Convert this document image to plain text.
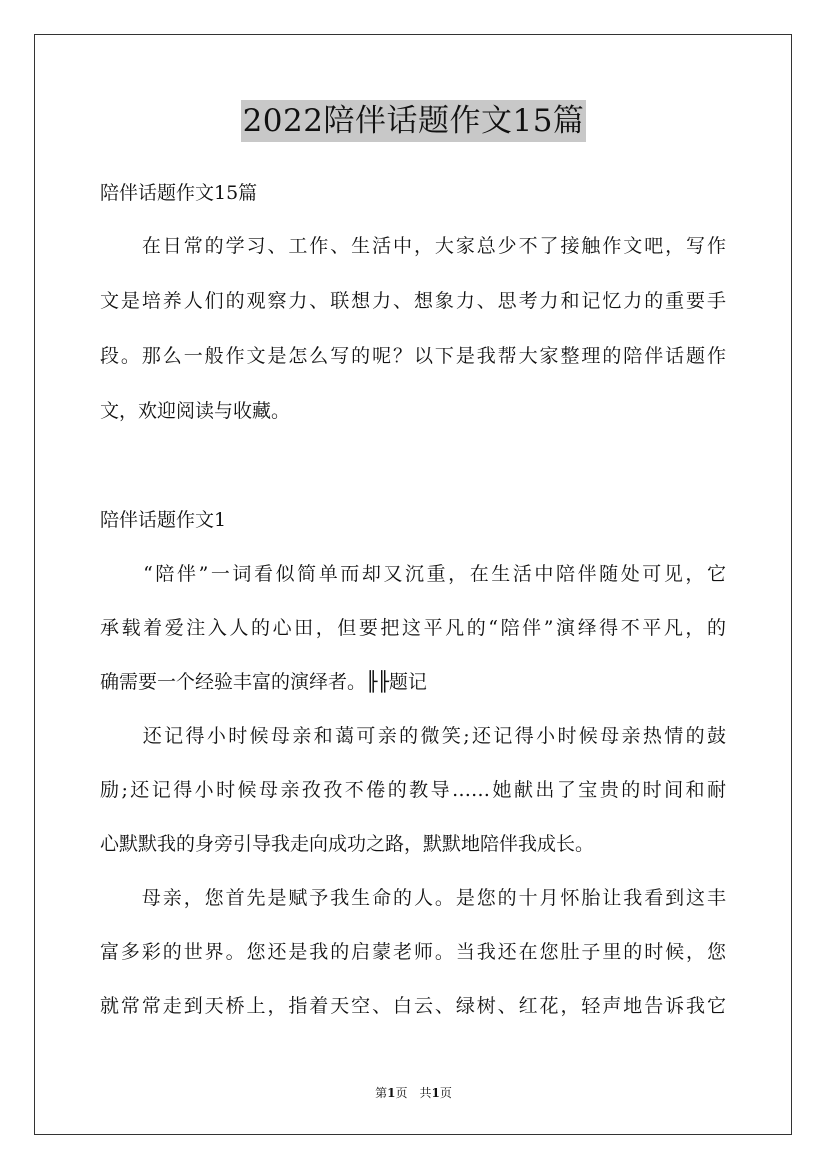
2022陪伴话题作文15篇
陪伴话题作文15篇
　　在日常的学习、工作、生活中，大家总少不了接触作文吧，写作
文是培养人们的观察力、联想力、想象力、思考力和记忆力的重要手
段。那么一般作文是怎么写的呢？以下是我帮大家整理的陪伴话题作
文，欢迎阅读与收藏。
陪伴话题作文1
　　“陪伴”一词看似简单而却又沉重，在生活中陪伴随处可见，它
承载着爱注入人的心田，但要把这平凡的“陪伴”演绎得不平凡，的
确需要一个经验丰富的演绎者。╟╟题记
　　还记得小时候母亲和蔼可亲的微笑;还记得小时候母亲热情的鼓
励;还记得小时候母亲孜孜不倦的教导……她献出了宝贵的时间和耐
心默默我的身旁引导我走向成功之路，默默地陪伴我成长。
　　母亲，您首先是赋予我生命的人。是您的十月怀胎让我看到这丰
富多彩的世界。您还是我的启蒙老师。当我还在您肚子里的时候，您
就常常走到天桥上，指着天空、白云、绿树、红花，轻声地告诉我它
第1页　共1页
